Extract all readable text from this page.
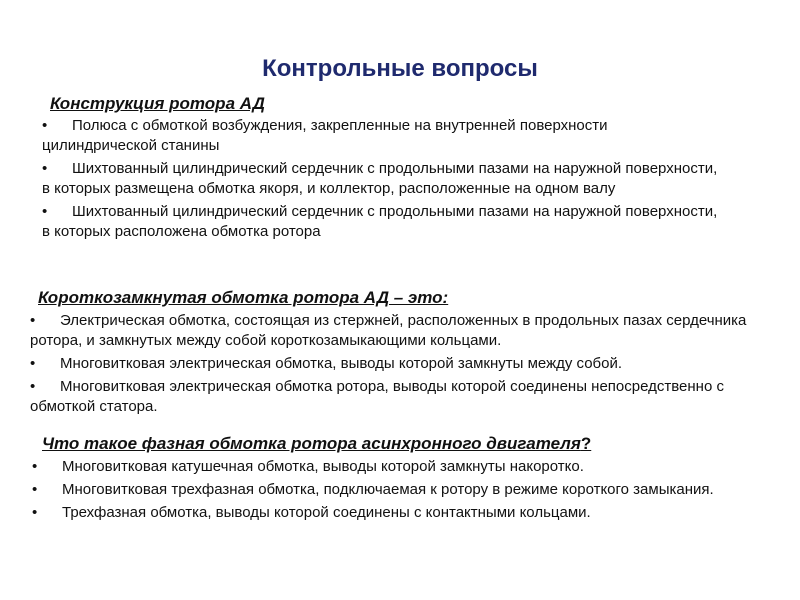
Контрольные вопросы
Конструкция ротора АД
•	Полюса с обмоткой возбуждения, закрепленные на внутренней поверхности цилиндрической станины
•	Шихтованный цилиндрический сердечник с продольными пазами на наружной поверхности, в которых размещена обмотка якоря, и коллектор, расположенные на одном валу
•	Шихтованный цилиндрический сердечник с продольными пазами на наружной поверхности, в которых расположена обмотка ротора
Короткозамкнутая обмотка ротора АД – это:
•	Электрическая обмотка, состоящая из стержней, расположенных в продольных пазах сердечника ротора, и замкнутых между собой короткозамыкающими кольцами.
•	Многовитковая электрическая обмотка, выводы которой замкнуты между собой.
•	Многовитковая электрическая обмотка ротора, выводы которой соединены непосредственно с обмоткой статора.
Что такое фазная обмотка ротора асинхронного двигателя?
•	Многовитковая катушечная обмотка, выводы которой замкнуты накоротко.
•	Многовитковая трехфазная обмотка, подключаемая к ротору в режиме короткого замыкания.
•	Трехфазная обмотка, выводы которой соединены с контактными кольцами.
